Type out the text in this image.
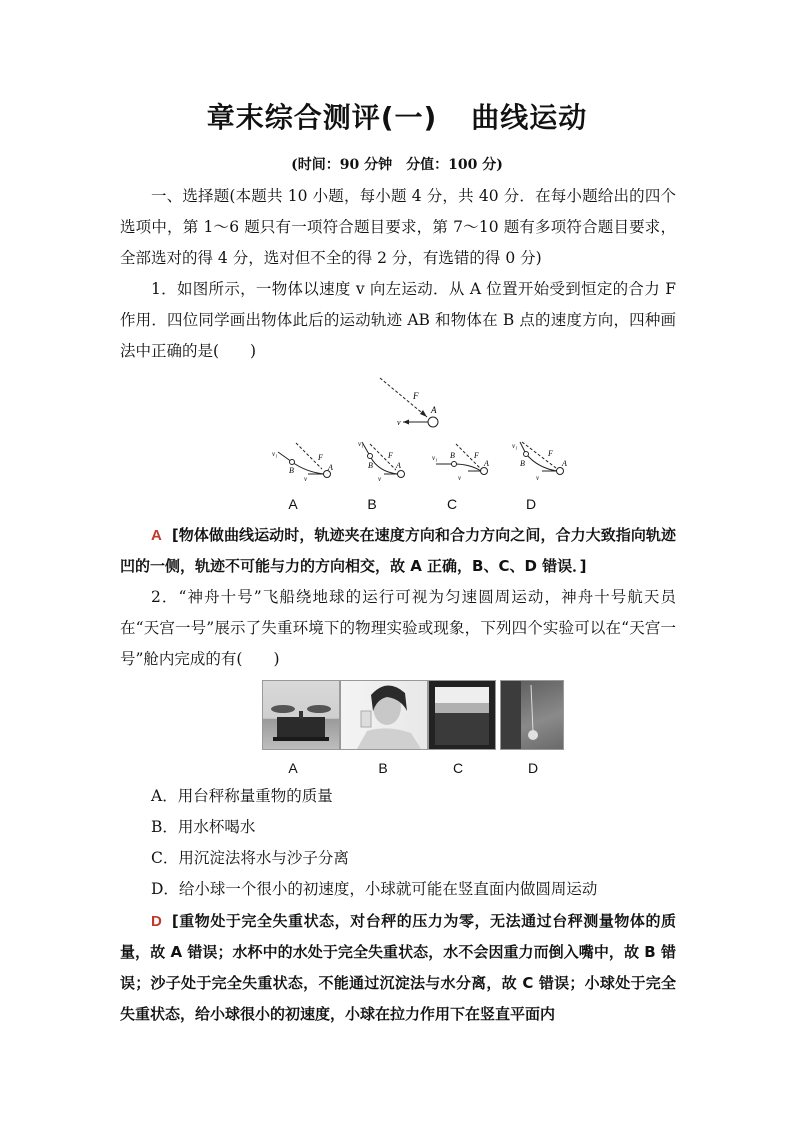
章末综合测评(一) 曲线运动
(时间：90 分钟　分值：100 分)
一、选择题(本题共 10 小题，每小题 4 分，共 40 分．在每小题给出的四个选项中，第 1～6 题只有一项符合题目要求，第 7～10 题有多项符合题目要求，全部选对的得 4 分，选对但不全的得 2 分，有选错的得 0 分)
1．如图所示，一物体以速度 v 向左运动．从 A 位置开始受到恒定的合力 F 作用．四位同学画出物体此后的运动轨迹 AB 和物体在 B 点的速度方向，四种画法中正确的是(　　)
F
A
v
v₁	F
B	A
v
v₁
F
B	A
v
v₁	F
B
A
v
v₁
F
B	A
v
A	B	C	D
A [物体做曲线运动时，轨迹夹在速度方向和合力方向之间，合力大致指向轨迹凹的一侧，轨迹不可能与力的方向相交，故 A 正确，B、C、D 错误．]
2．“神舟十号”飞船绕地球的运行可视为匀速圆周运动，神舟十号航天员在“天宫一号”展示了失重环境下的物理实验或现象，下列四个实验可以在“天宫一号”舱内完成的有(　　)
A	B	C	D
A．用台秤称量重物的质量
B．用水杯喝水
C．用沉淀法将水与沙子分离
D．给小球一个很小的初速度，小球就可能在竖直面内做圆周运动
D [重物处于完全失重状态，对台秤的压力为零，无法通过台秤测量物体的质量，故 A 错误；水杯中的水处于完全失重状态，水不会因重力而倒入嘴中，故 B 错误；沙子处于完全失重状态，不能通过沉淀法与水分离，故 C 错误；小球处于完全失重状态，给小球很小的初速度，小球在拉力作用下在竖直平面内
